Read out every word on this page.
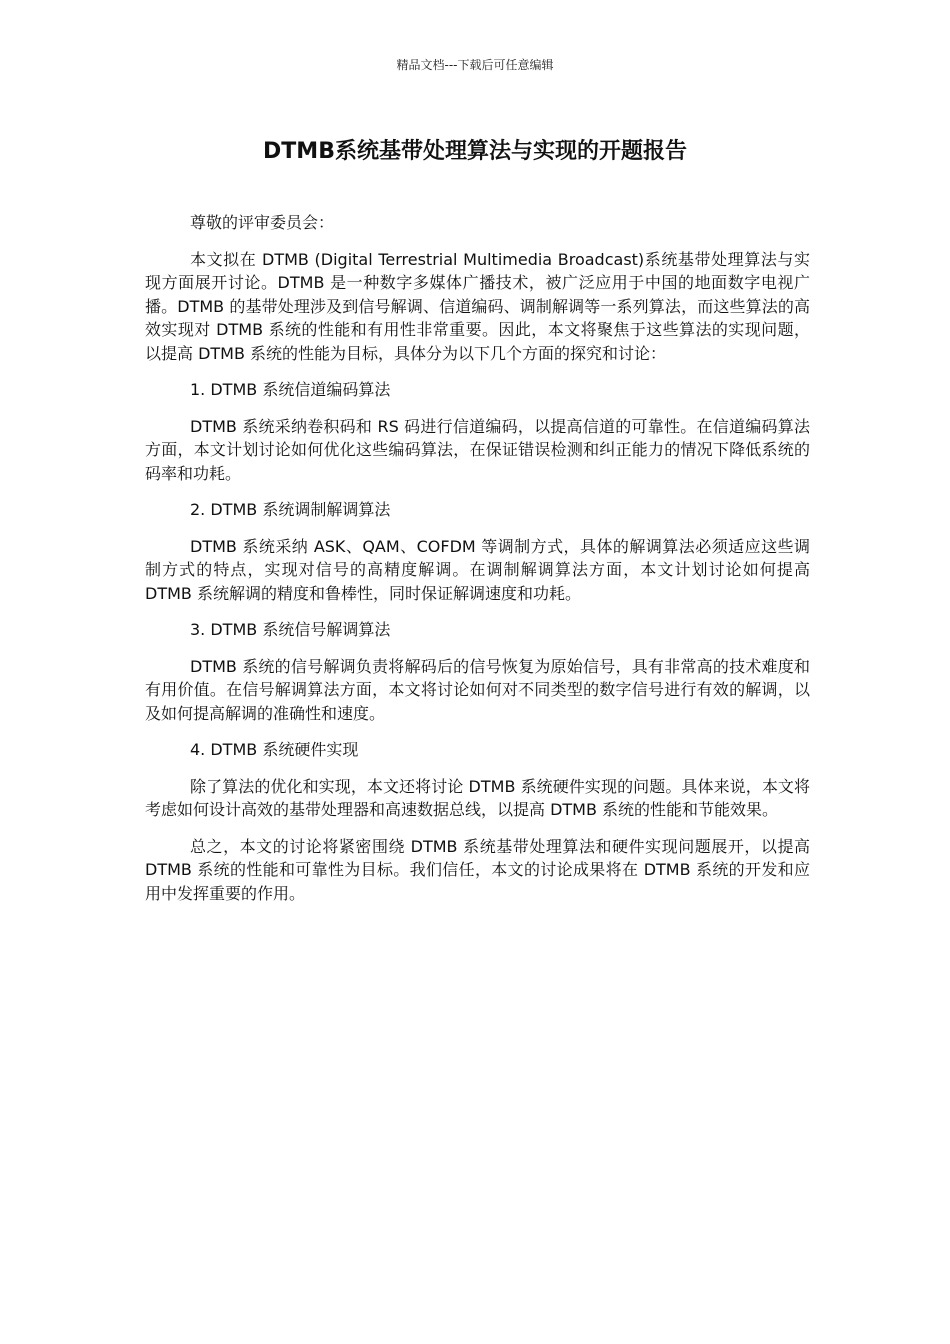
精品文档---下载后可任意编辑
DTMB系统基带处理算法与实现的开题报告

尊敬的评审委员会：

本文拟在 DTMB (Digital Terrestrial Multimedia Broadcast)系统基带处理算法与实现方面展开讨论。DTMB 是一种数字多媒体广播技术，被广泛应用于中国的地面数字电视广播。DTMB 的基带处理涉及到信号解调、信道编码、调制解调等一系列算法，而这些算法的高效实现对 DTMB 系统的性能和有用性非常重要。因此，本文将聚焦于这些算法的实现问题，以提高 DTMB 系统的性能为目标，具体分为以下几个方面的探究和讨论：

1. DTMB 系统信道编码算法

DTMB 系统采纳卷积码和 RS 码进行信道编码，以提高信道的可靠性。在信道编码算法方面，本文计划讨论如何优化这些编码算法，在保证错误检测和纠正能力的情况下降低系统的码率和功耗。

2. DTMB 系统调制解调算法

DTMB 系统采纳 ASK、QAM、COFDM 等调制方式，具体的解调算法必须适应这些调制方式的特点，实现对信号的高精度解调。在调制解调算法方面，本文计划讨论如何提高 DTMB 系统解调的精度和鲁棒性，同时保证解调速度和功耗。

3. DTMB 系统信号解调算法

DTMB 系统的信号解调负责将解码后的信号恢复为原始信号，具有非常高的技术难度和有用价值。在信号解调算法方面，本文将讨论如何对不同类型的数字信号进行有效的解调，以及如何提高解调的准确性和速度。

4. DTMB 系统硬件实现

除了算法的优化和实现，本文还将讨论 DTMB 系统硬件实现的问题。具体来说，本文将考虑如何设计高效的基带处理器和高速数据总线，以提高 DTMB 系统的性能和节能效果。

总之，本文的讨论将紧密围绕 DTMB 系统基带处理算法和硬件实现问题展开，以提高 DTMB 系统的性能和可靠性为目标。我们信任，本文的讨论成果将在 DTMB 系统的开发和应用中发挥重要的作用。
